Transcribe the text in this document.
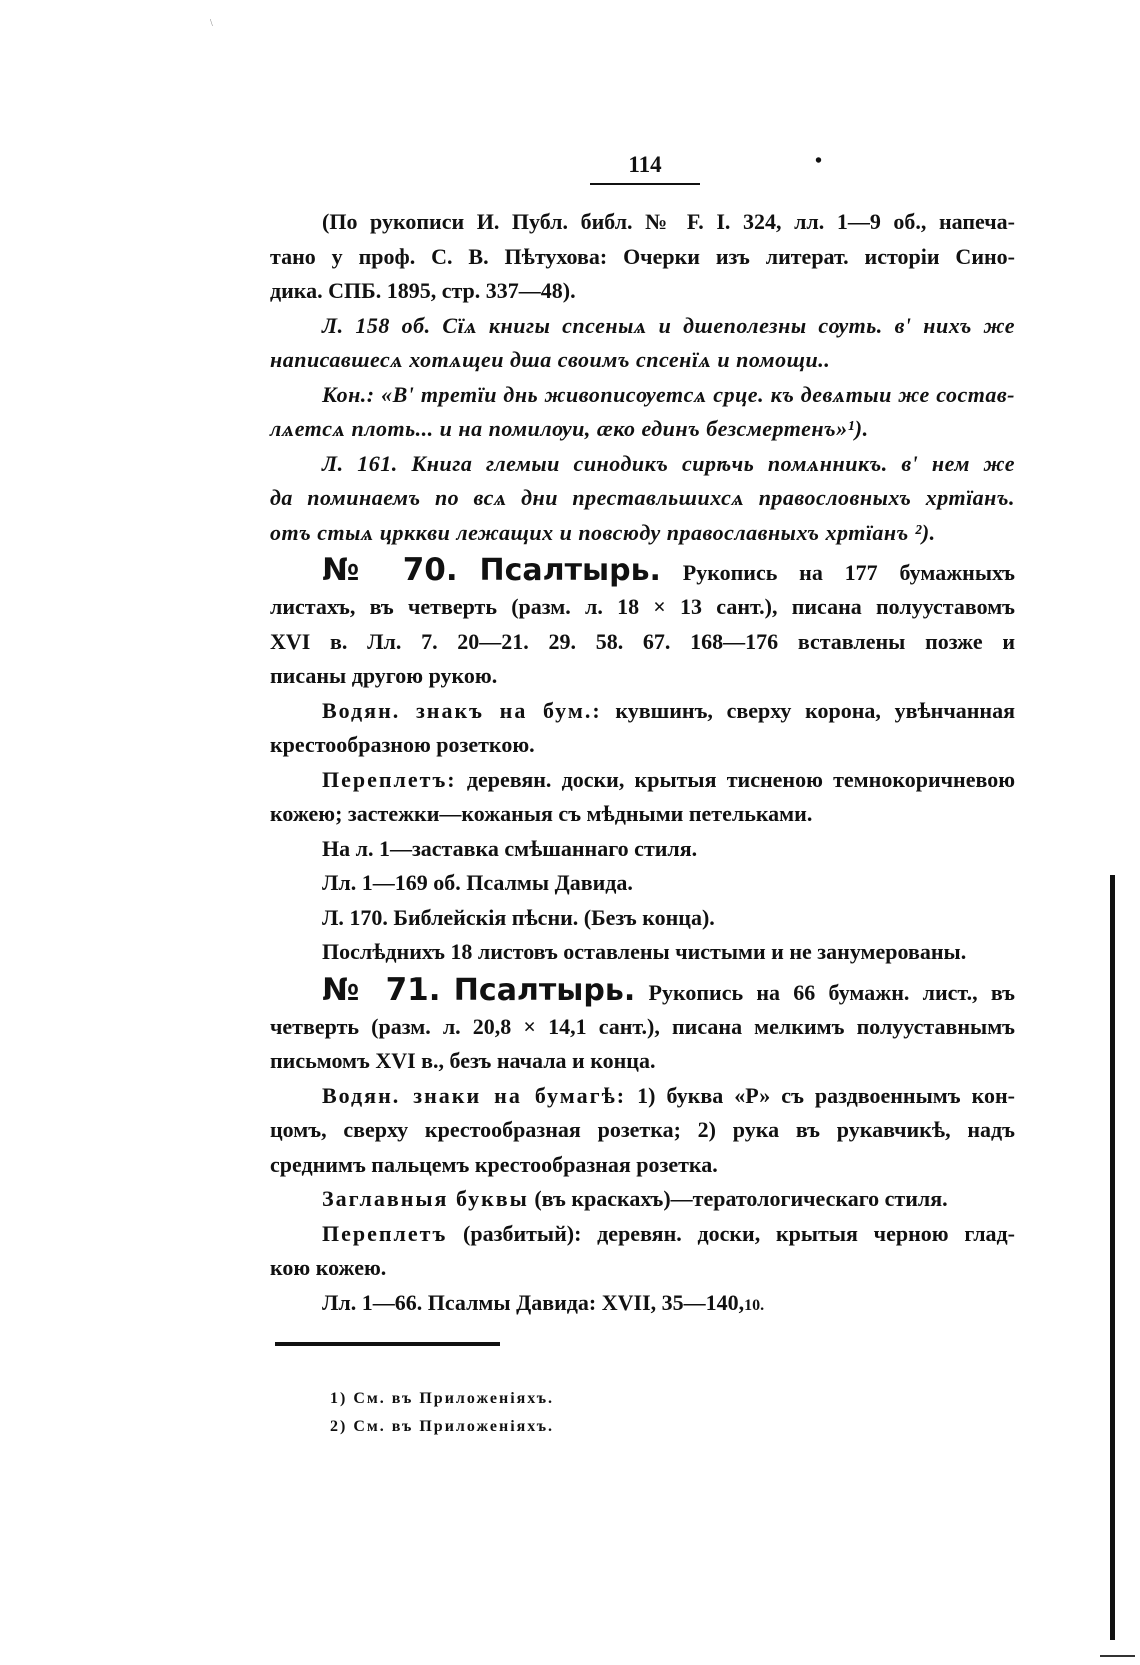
\
114	•
(По рукописи И. Публ. библ. № F. I. 324, лл. 1—9 об., напеча-
тано у проф. С. В. Пѣтухова: Очерки изъ литерат. исторіи Сино-
дика. СПБ. 1895, стр. 337—48).
Л. 158 об. Сїѧ книгы спсеныѧ и дшеполезны сѹть. в' нихъ же
написавшесѧ хотѧщеи дша своимъ спсенїѧ и помощи..
Кон.: «В' третїи днь живописѹетсѧ срце. къ девѧтыи же состав-
лѧетсѧ плоть... и на помилѹи, ӕко единъ безсмертенъ»¹).
Л. 161. Книга глемыи синодикъ сирѣчь помѧнникъ. в' нем же
да поминаемъ по всѧ дни преставльшихсѧ правословныхъ хртїанъ.
отъ стыѧ црккви лежащих и повсюду православныхъ хртїанъ ²).
№ 70. Псалтырь. Рукопись на 177 бумажныхъ
листахъ, въ четверть (разм. л. 18 × 13 сант.), писана полууставомъ
XVI в. Лл. 7. 20—21. 29. 58. 67. 168—176 вставлены позже и
писаны другою рукою.
Водян. знакъ на бум.: кувшинъ, сверху корона, увѣнчанная
крестообразною розеткою.
Переплетъ: деревян. доски, крытыя тисненою темнокоричневою
кожею; застежки—кожаныя съ мѣдными петельками.
На л. 1—заставка смѣшаннаго стиля.
Лл. 1—169 об. Псалмы Давида.
Л. 170. Библейскія пѣсни. (Безъ конца).
Послѣднихъ 18 листовъ оставлены чистыми и не занумерованы.
№ 71. Псалтырь. Рукопись на 66 бумажн. лист., въ
четверть (разм. л. 20,8 × 14,1 сант.), писана мелкимъ полууставнымъ
письмомъ XVI в., безъ начала и конца.
Водян. знаки на бумагѣ: 1) буква «Р» съ раздвоеннымъ кон-
цомъ, сверху крестообразная розетка; 2) рука въ рукавчикѣ, надъ
среднимъ пальцемъ крестообразная розетка.
Заглавныя буквы (въ краскахъ)—тератологическаго стиля.
Переплетъ (разбитый): деревян. доски, крытыя черною глад-
кою кожею.
Лл. 1—66. Псалмы Давида: XVII, 35—140,10.
1) См. въ Приложеніяхъ.
2) См. въ Приложеніяхъ.
